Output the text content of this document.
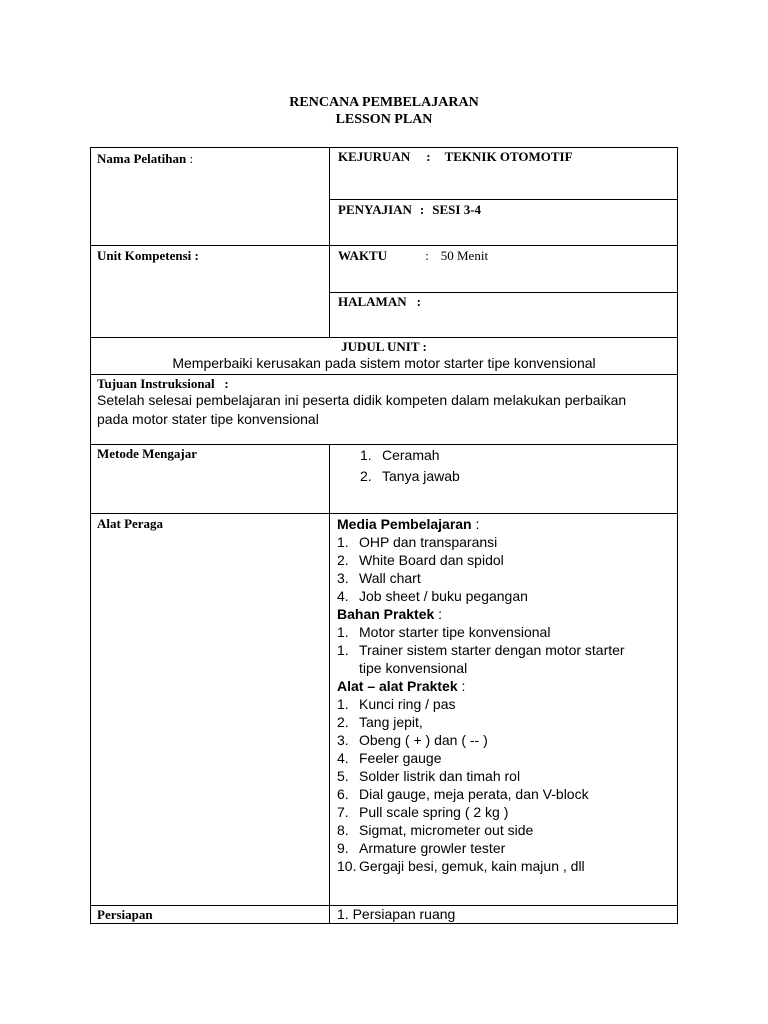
RENCANA PEMBELAJARAN
LESSON PLAN
Nama Pelatihan :	KEJURUAN : TEKNIK OTOMOTIF
PENYAJIAN : SESI 3-4
Unit Kompetensi :	WAKTU	: 50 Menit
HALAMAN :
JUDUL UNIT :
Memperbaiki kerusakan pada sistem motor starter tipe konvensional
Tujuan Instruksional   :
Setelah selesai pembelajaran ini peserta didik kompeten dalam melakukan perbaikan
pada motor stater tipe konvensional
Metode Mengajar	1. Ceramah
2. Tanya jawab
Alat Peraga	Media Pembelajaran :
1. OHP dan transparansi
2. White Board dan spidol
3. Wall chart
4. Job sheet / buku pegangan
Bahan Praktek :
1. Motor starter tipe konvensional
1. Trainer sistem starter dengan motor starter
tipe konvensional
Alat – alat Praktek :
1. Kunci ring / pas
2. Tang jepit,
3. Obeng ( + ) dan ( -- )
4. Feeler gauge
5. Solder listrik dan timah rol
6. Dial gauge, meja perata, dan V-block
7. Pull scale spring ( 2 kg )
8. Sigmat, micrometer out side
9. Armature growler tester
10. Gergaji besi, gemuk, kain majun , dll
Persiapan	1. Persiapan ruang
